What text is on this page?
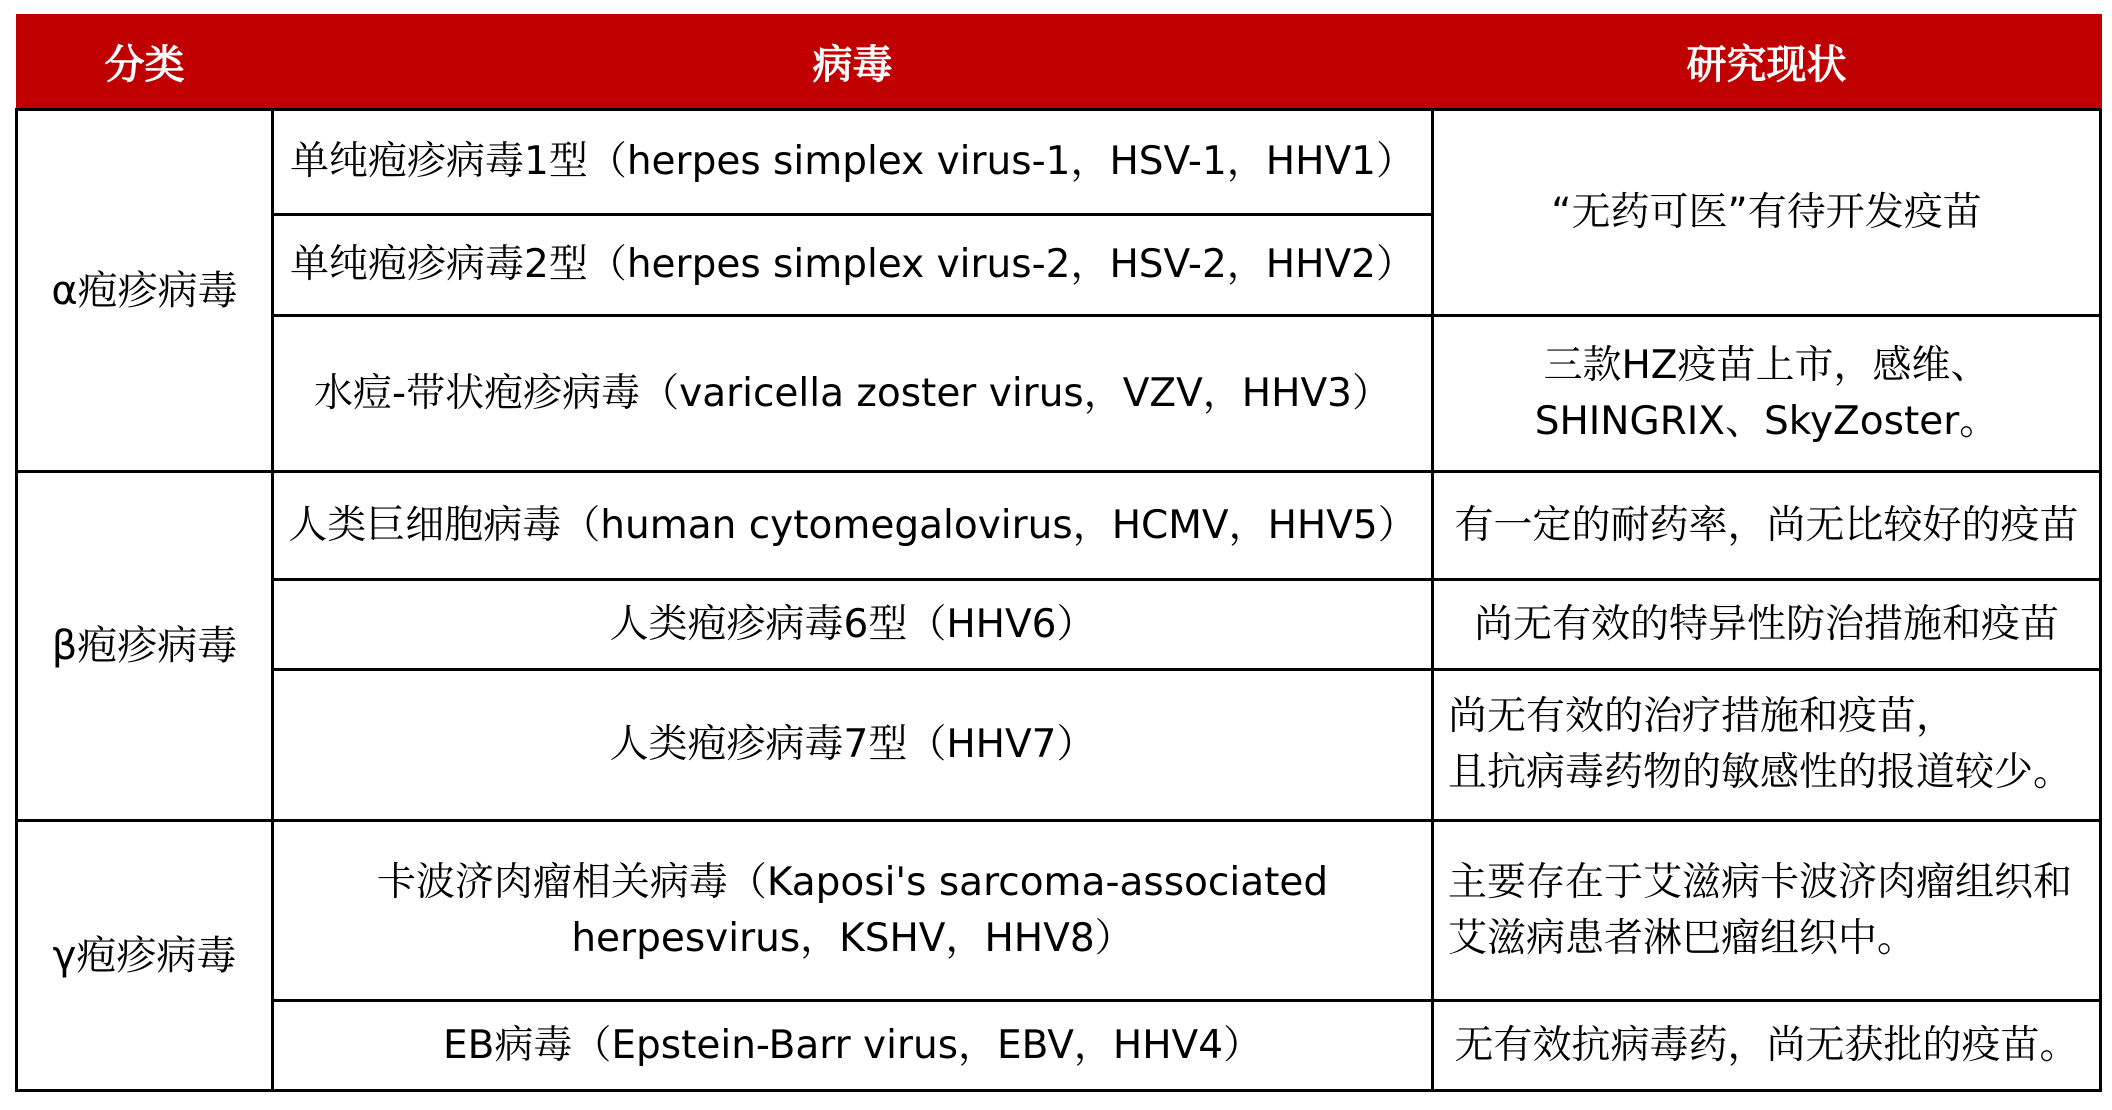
分类	病毒	研究现状
α疱疹病毒	单纯疱疹病毒1型（herpes simplex virus-1，HSV-1，HHV1）	“无药可医”有待开发疫苗
	单纯疱疹病毒2型（herpes simplex virus-2，HSV-2，HHV2）	
	水痘-带状疱疹病毒（varicella zoster virus，VZV，HHV3）	三款HZ疫苗上市，感维、SHINGRIX、SkyZoster。
β疱疹病毒	人类巨细胞病毒（human cytomegalovirus，HCMV，HHV5）	有一定的耐药率，尚无比较好的疫苗
	人类疱疹病毒6型（HHV6）	尚无有效的特异性防治措施和疫苗
	人类疱疹病毒7型（HHV7）	尚无有效的治疗措施和疫苗，且抗病毒药物的敏感性的报道较少。
γ疱疹病毒	卡波济肉瘤相关病毒（Kaposi's sarcoma-associated herpesvirus，KSHV，HHV8）	主要存在于艾滋病卡波济肉瘤组织和艾滋病患者淋巴瘤组织中。
	EB病毒（Epstein-Barr virus，EBV，HHV4）	无有效抗病毒药，尚无获批的疫苗。
